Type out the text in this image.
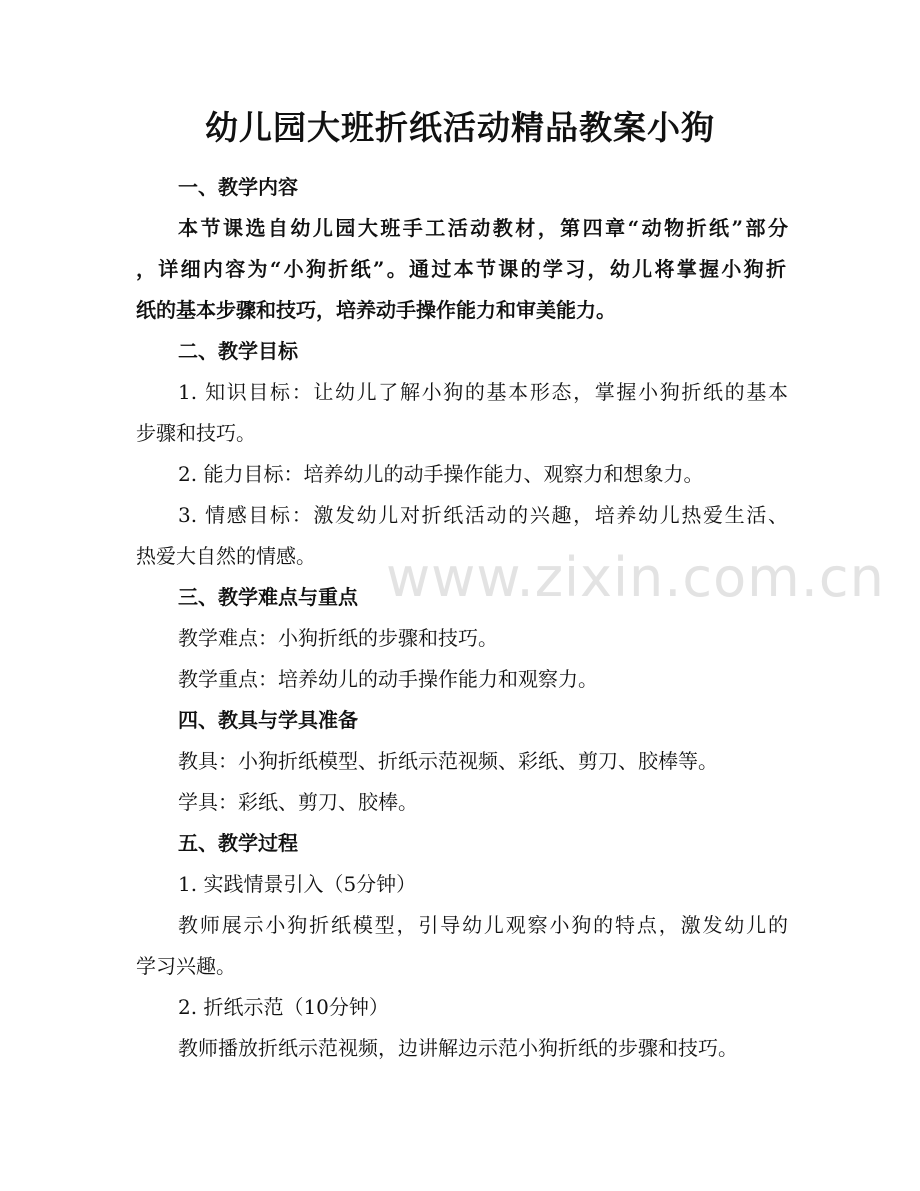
幼儿园大班折纸活动精品教案小狗
一、教学内容
本节课选自幼儿园大班手工活动教材，第四章“动物折纸”部分
，详细内容为“小狗折纸”。通过本节课的学习，幼儿将掌握小狗折
纸的基本步骤和技巧，培养动手操作能力和审美能力。
二、教学目标
1. 知识目标：让幼儿了解小狗的基本形态，掌握小狗折纸的基本
步骤和技巧。
2. 能力目标：培养幼儿的动手操作能力、观察力和想象力。
3. 情感目标：激发幼儿对折纸活动的兴趣，培养幼儿热爱生活、
热爱大自然的情感。
三、教学难点与重点
教学难点：小狗折纸的步骤和技巧。
教学重点：培养幼儿的动手操作能力和观察力。
四、教具与学具准备
教具：小狗折纸模型、折纸示范视频、彩纸、剪刀、胶棒等。
学具：彩纸、剪刀、胶棒。
五、教学过程
1. 实践情景引入（5分钟）
教师展示小狗折纸模型，引导幼儿观察小狗的特点，激发幼儿的
学习兴趣。
2. 折纸示范（10分钟）
教师播放折纸示范视频，边讲解边示范小狗折纸的步骤和技巧。
www.zixin.com.cn
